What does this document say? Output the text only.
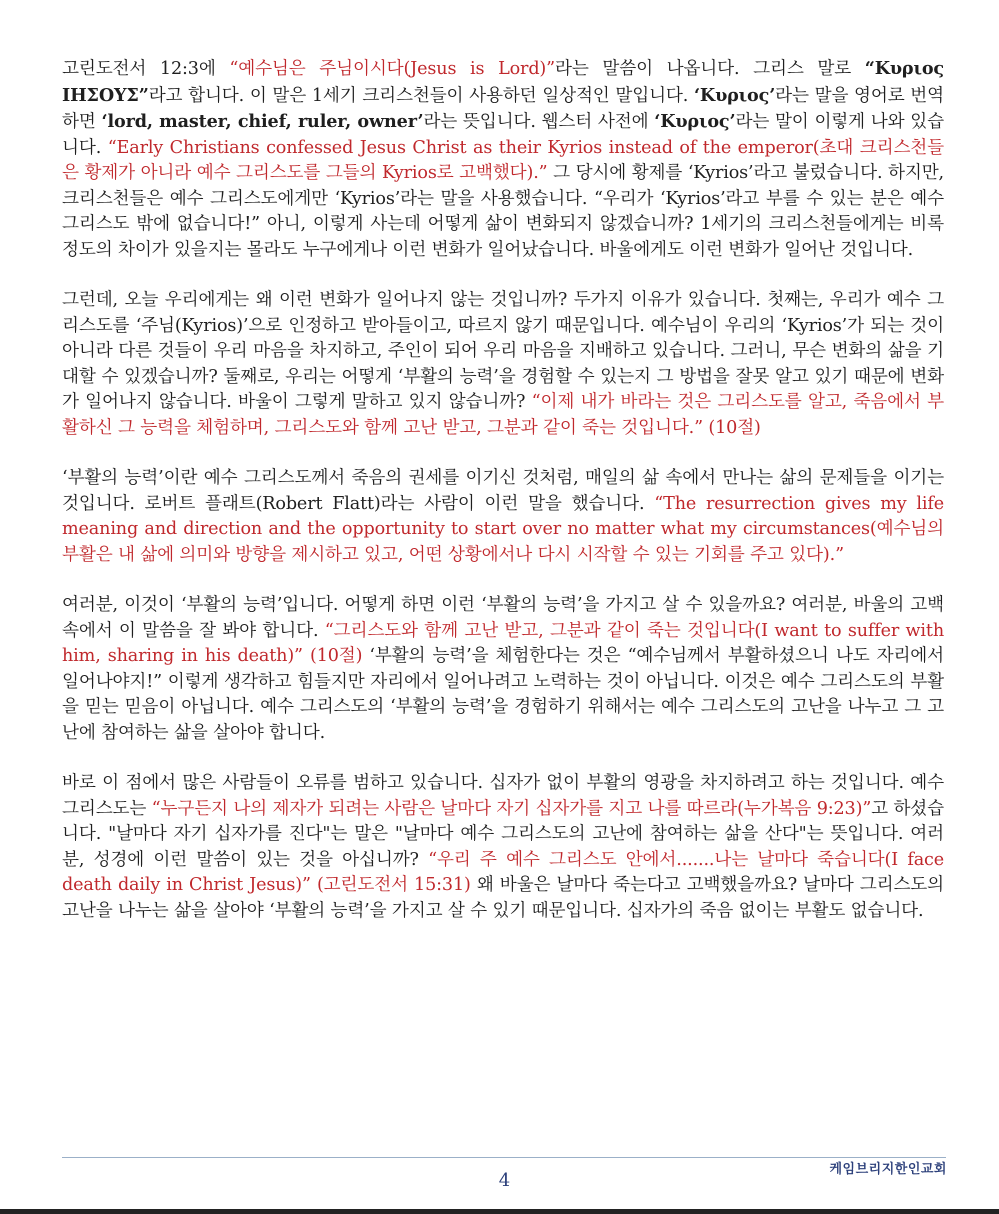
고린도전서 12:3에 “예수님은 주님이시다(Jesus is Lord)”라는 말씀이 나옵니다. 그리스 말로 “Κυριος ΙΗΣΟΥΣ”라고 합니다. 이 말은 1세기 크리스천들이 사용하던 일상적인 말입니다. ‘Κυριος’라는 말을 영어로 번역하면 ‘lord, master, chief, ruler, owner’라는 뜻입니다. 웹스터 사전에 ‘Κυριος’라는 말이 이렇게 나와 있습니다. “Early Christians confessed Jesus Christ as their Kyrios instead of the emperor(초대 크리스천들은 황제가 아니라 예수 그리스도를 그들의 Kyrios로 고백했다).” 그 당시에 황제를 ‘Kyrios’라고 불렀습니다. 하지만, 크리스천들은 예수 그리스도에게만 ‘Kyrios’라는 말을 사용했습니다. “우리가 ‘Kyrios’라고 부를 수 있는 분은 예수 그리스도 밖에 없습니다!” 아니, 이렇게 사는데 어떻게 삶이 변화되지 않겠습니까? 1세기의 크리스천들에게는 비록 정도의 차이가 있을지는 몰라도 누구에게나 이런 변화가 일어났습니다. 바울에게도 이런 변화가 일어난 것입니다.

그런데, 오늘 우리에게는 왜 이런 변화가 일어나지 않는 것입니까? 두가지 이유가 있습니다. 첫째는, 우리가 예수 그리스도를 ‘주님(Kyrios)’으로 인정하고 받아들이고, 따르지 않기 때문입니다. 예수님이 우리의 ‘Kyrios’가 되는 것이 아니라 다른 것들이 우리 마음을 차지하고, 주인이 되어 우리 마음을 지배하고 있습니다. 그러니, 무슨 변화의 삶을 기대할 수 있겠습니까? 둘째로, 우리는 어떻게 ‘부활의 능력’을 경험할 수 있는지 그 방법을 잘못 알고 있기 때문에 변화가 일어나지 않습니다. 바울이 그렇게 말하고 있지 않습니까? “이제 내가 바라는 것은 그리스도를 알고, 죽음에서 부활하신 그 능력을 체험하며, 그리스도와 함께 고난 받고, 그분과 같이 죽는 것입니다.” (10절)

‘부활의 능력’이란 예수 그리스도께서 죽음의 권세를 이기신 것처럼, 매일의 삶 속에서 만나는 삶의 문제들을 이기는 것입니다. 로버트 플래트(Robert Flatt)라는 사람이 이런 말을 했습니다. “The resurrection gives my life meaning and direction and the opportunity to start over no matter what my circumstances(예수님의 부활은 내 삶에 의미와 방향을 제시하고 있고, 어떤 상황에서나 다시 시작할 수 있는 기회를 주고 있다).”

여러분, 이것이 ‘부활의 능력’입니다. 어떻게 하면 이런 ‘부활의 능력’을 가지고 살 수 있을까요? 여러분, 바울의 고백 속에서 이 말씀을 잘 봐야 합니다. “그리스도와 함께 고난 받고, 그분과 같이 죽는 것입니다(I want to suffer with him, sharing in his death)” (10절) ‘부활의 능력’을 체험한다는 것은 “예수님께서 부활하셨으니 나도 자리에서 일어나야지!” 이렇게 생각하고 힘들지만 자리에서 일어나려고 노력하는 것이 아닙니다. 이것은 예수 그리스도의 부활을 믿는 믿음이 아닙니다. 예수 그리스도의 ‘부활의 능력’을 경험하기 위해서는 예수 그리스도의 고난을 나누고 그 고난에 참여하는 삶을 살아야 합니다.

바로 이 점에서 많은 사람들이 오류를 범하고 있습니다. 십자가 없이 부활의 영광을 차지하려고 하는 것입니다. 예수 그리스도는 “누구든지 나의 제자가 되려는 사람은 날마다 자기 십자가를 지고 나를 따르라(누가복음 9:23)”고 하셨습니다. "날마다 자기 십자가를 진다"는 말은 "날마다 예수 그리스도의 고난에 참여하는 삶을 산다"는 뜻입니다. 여러분, 성경에 이런 말씀이 있는 것을 아십니까? “우리 주 예수 그리스도 안에서.......나는 날마다 죽습니다(I face death daily in Christ Jesus)” (고린도전서 15:31) 왜 바울은 날마다 죽는다고 고백했을까요? 날마다 그리스도의 고난을 나누는 삶을 살아야 ‘부활의 능력’을 가지고 살 수 있기 때문입니다. 십자가의 죽음 없이는 부활도 없습니다.

4
케임브리지한인교회
